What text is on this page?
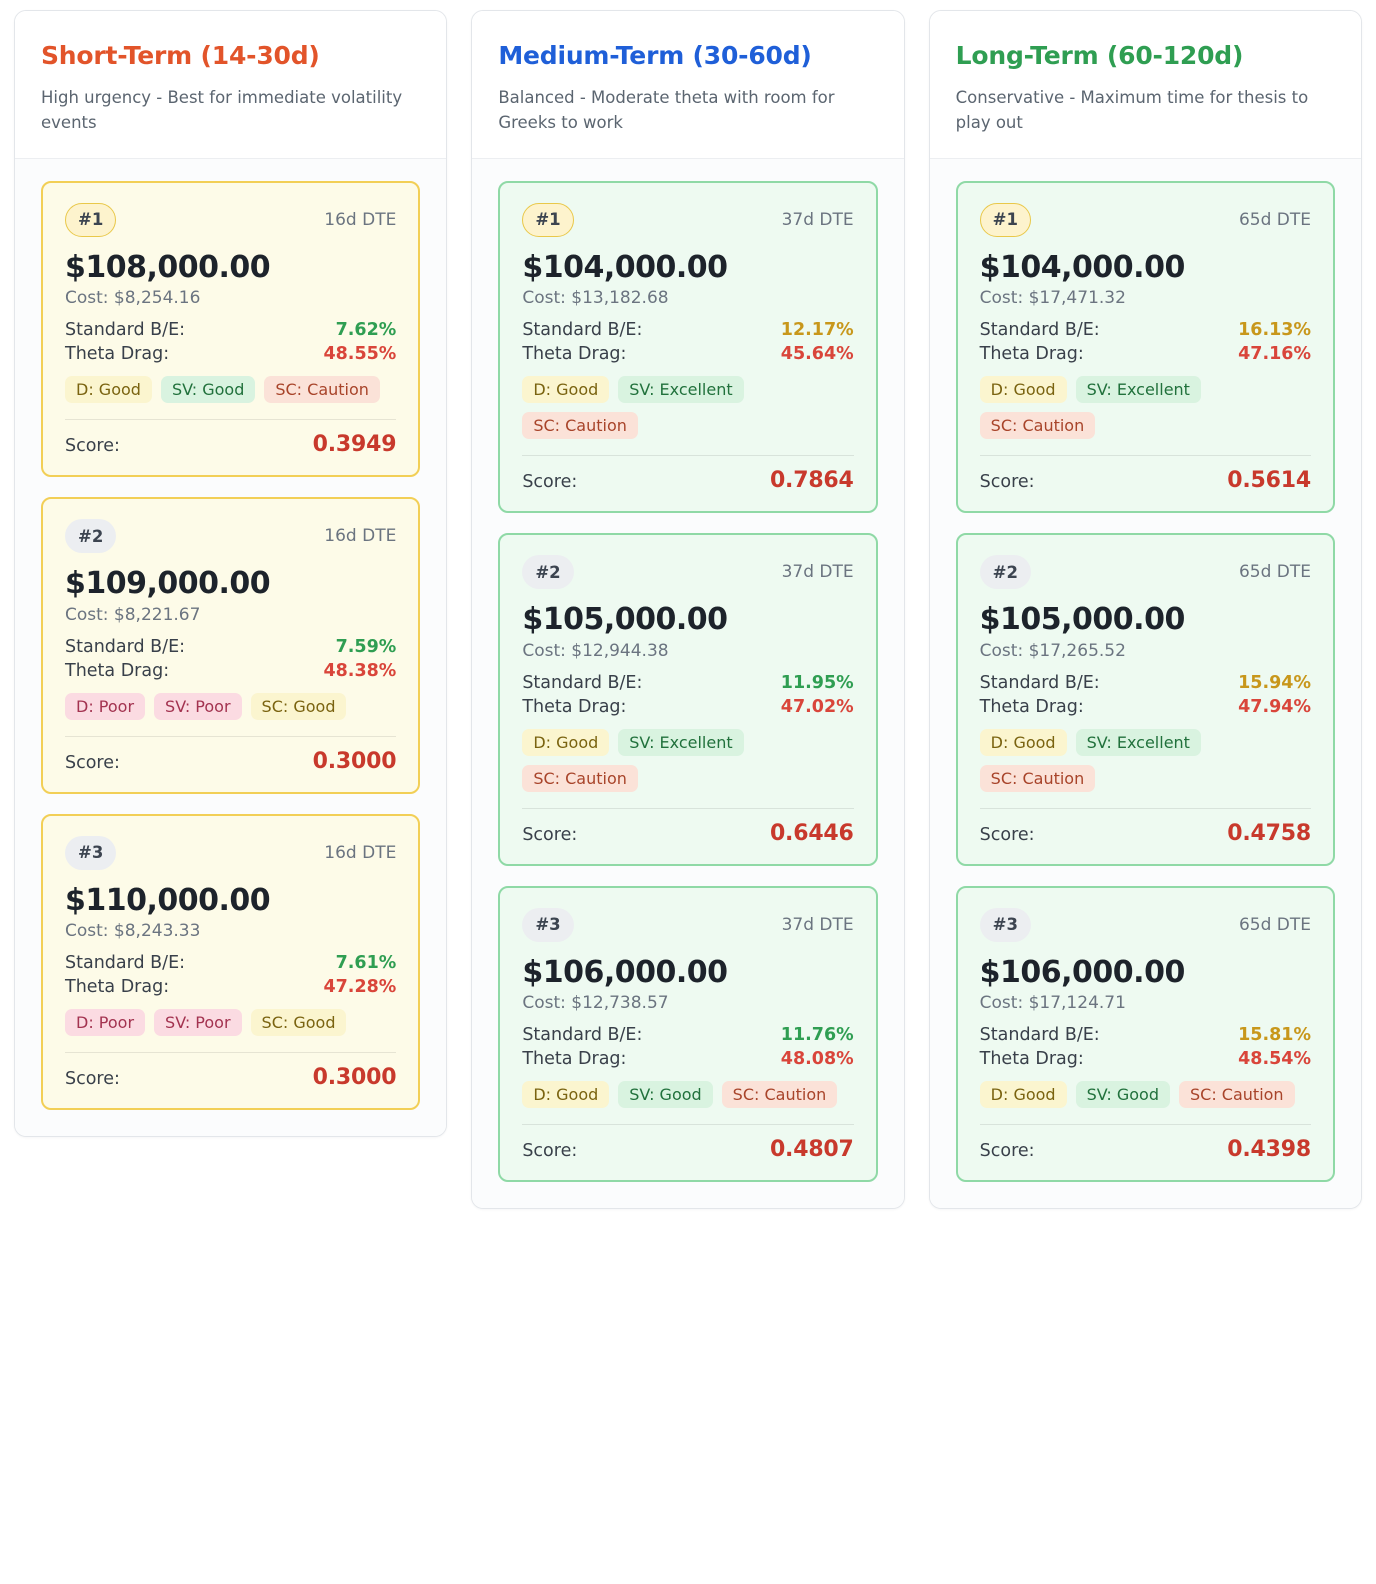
Short-Term (14-30d)
High urgency - Best for immediate volatility events
#1	16d DTE
$108,000.00
Cost: $8,254.16
Standard B/E:	7.62%
Theta Drag:	48.55%
D: Good	SV: Good	SC: Caution
Score:	0.3949
#2	16d DTE
$109,000.00
Cost: $8,221.67
Standard B/E:	7.59%
Theta Drag:	48.38%
D: Poor	SV: Poor	SC: Good
Score:	0.3000
#3	16d DTE
$110,000.00
Cost: $8,243.33
Standard B/E:	7.61%
Theta Drag:	47.28%
D: Poor	SV: Poor	SC: Good
Score:	0.3000
Medium-Term (30-60d)
Balanced - Moderate theta with room for Greeks to work
#1	37d DTE
$104,000.00
Cost: $13,182.68
Standard B/E:	12.17%
Theta Drag:	45.64%
D: Good	SV: Excellent
SC: Caution
Score:	0.7864
#2	37d DTE
$105,000.00
Cost: $12,944.38
Standard B/E:	11.95%
Theta Drag:	47.02%
D: Good	SV: Excellent
SC: Caution
Score:	0.6446
#3	37d DTE
$106,000.00
Cost: $12,738.57
Standard B/E:	11.76%
Theta Drag:	48.08%
D: Good	SV: Good	SC: Caution
Score:	0.4807
Long-Term (60-120d)
Conservative - Maximum time for thesis to play out
#1	65d DTE
$104,000.00
Cost: $17,471.32
Standard B/E:	16.13%
Theta Drag:	47.16%
D: Good	SV: Excellent
SC: Caution
Score:	0.5614
#2	65d DTE
$105,000.00
Cost: $17,265.52
Standard B/E:	15.94%
Theta Drag:	47.94%
D: Good	SV: Excellent
SC: Caution
Score:	0.4758
#3	65d DTE
$106,000.00
Cost: $17,124.71
Standard B/E:	15.81%
Theta Drag:	48.54%
D: Good	SV: Good	SC: Caution
Score:	0.4398
